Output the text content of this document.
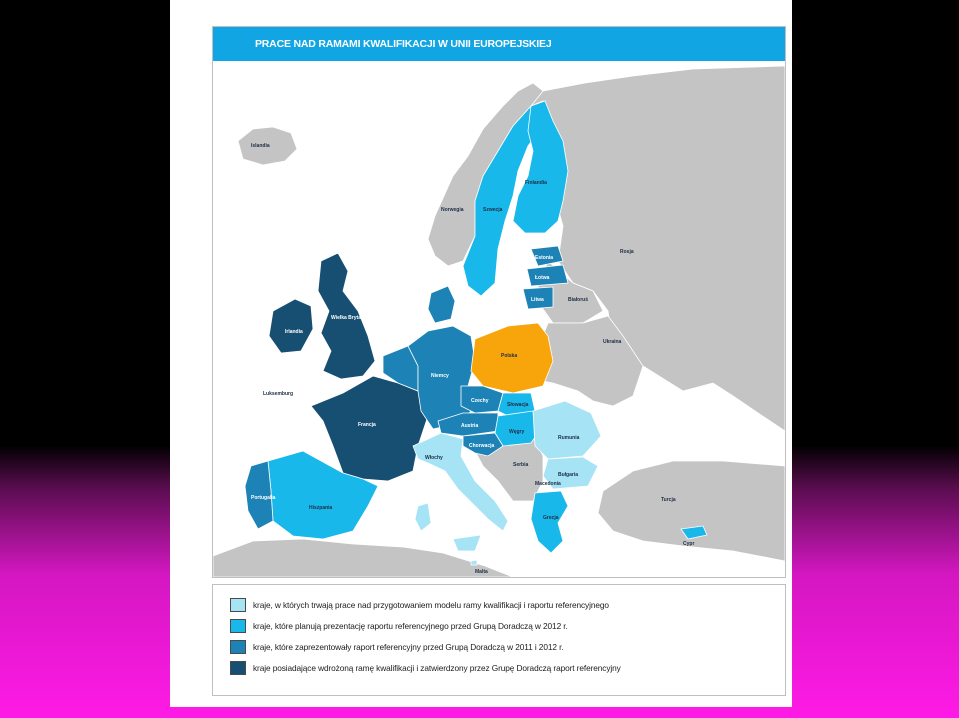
PRACE NAD RAMAMI KWALIFIKACJI W UNII EUROPEJSKIEJ
Islandia
Norwegia	Szwecja
Finlandia
Estonia
Łotwa
Litwa
Rosja
Białoruś
Ukraina
Polska
Niemcy
Irlandia
Wielka Brytania
Luksemburg
Francja
Czechy
Słowacja
Austria
Węgry
Rumunia
Włochy
Hiszpania
Portugalia
Bułgaria
Grecja
Turcja
Cypr
Malta
Macedonia
Serbia
Chorwacja
kraje, w których trwają prace nad przygotowaniem modelu ramy kwalifikacji i raportu referencyjnego
kraje, które planują prezentację raportu referencyjnego przed Grupą Doradczą w 2012 r.
kraje, które zaprezentowały raport referencyjny przed Grupą Doradczą w 2011 i 2012 r.
kraje posiadające wdrożoną ramę kwalifikacji i zatwierdzony przez Grupę Doradczą raport referencyjny
